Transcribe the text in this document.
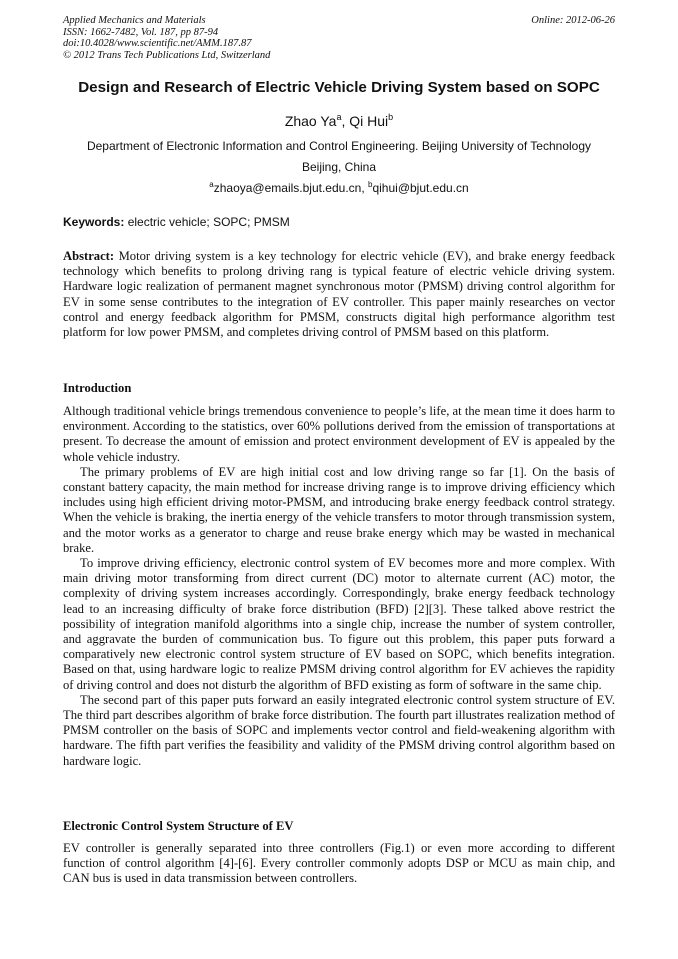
Applied Mechanics and Materials
ISSN: 1662-7482, Vol. 187, pp 87-94
doi:10.4028/www.scientific.net/AMM.187.87
© 2012 Trans Tech Publications Ltd, Switzerland
Online: 2012-06-26
Design and Research of Electric Vehicle Driving System based on SOPC
Zhao Ya$^a$, Qi Hui$^b$
Department of Electronic Information and Control Engineering. Beijing University of Technology
Beijing, China
$^a$zhaoya@emails.bjut.edu.cn, $^b$qihui@bjut.edu.cn
Keywords: electric vehicle; SOPC; PMSM

Abstract: Motor driving system is a key technology for electric vehicle (EV), and brake energy feedback technology which benefits to prolong driving rang is typical feature of electric vehicle driving system. Hardware logic realization of permanent magnet synchronous motor (PMSM) driving control algorithm for EV in some sense contributes to the integration of EV controller. This paper mainly researches on vector control and energy feedback algorithm for PMSM, constructs digital high performance algorithm test platform for low power PMSM, and completes driving control of PMSM based on this platform.

Introduction

Although traditional vehicle brings tremendous convenience to people’s life, at the mean time it does harm to environment. According to the statistics, over 60% pollutions derived from the emission of transportations at present. To decrease the amount of emission and protect environment development of EV is appealed by the whole vehicle industry.

The primary problems of EV are high initial cost and low driving range so far [1]. On the basis of constant battery capacity, the main method for increase driving range is to improve driving efficiency which includes using high efficient driving motor-PMSM, and introducing brake energy feedback control strategy. When the vehicle is braking, the inertia energy of the vehicle transfers to motor through transmission system, and the motor works as a generator to charge and reuse brake energy which may be wasted in mechanical brake.

To improve driving efficiency, electronic control system of EV becomes more and more complex. With main driving motor transforming from direct current (DC) motor to alternate current (AC) motor, the complexity of driving system increases accordingly. Correspondingly, brake energy feedback technology lead to an increasing difficulty of brake force distribution (BFD) [2][3]. These talked above restrict the possibility of integration manifold algorithms into a single chip, increase the number of system controller, and aggravate the burden of communication bus. To figure out this problem, this paper puts forward a comparatively new electronic control system structure of EV based on SOPC, which benefits integration. Based on that, using hardware logic to realize PMSM driving control algorithm for EV achieves the rapidity of driving control and does not disturb the algorithm of BFD existing as form of software in the same chip.

The second part of this paper puts forward an easily integrated electronic control system structure of EV. The third part describes algorithm of brake force distribution. The fourth part illustrates realization method of PMSM controller on the basis of SOPC and implements vector control and field-weakening algorithm with hardware. The fifth part verifies the feasibility and validity of the PMSM driving control algorithm based on hardware logic.

Electronic Control System Structure of EV

EV controller is generally separated into three controllers (Fig.1) or even more according to different function of control algorithm [4]-[6]. Every controller commonly adopts DSP or MCU as main chip, and CAN bus is used in data transmission between controllers.
